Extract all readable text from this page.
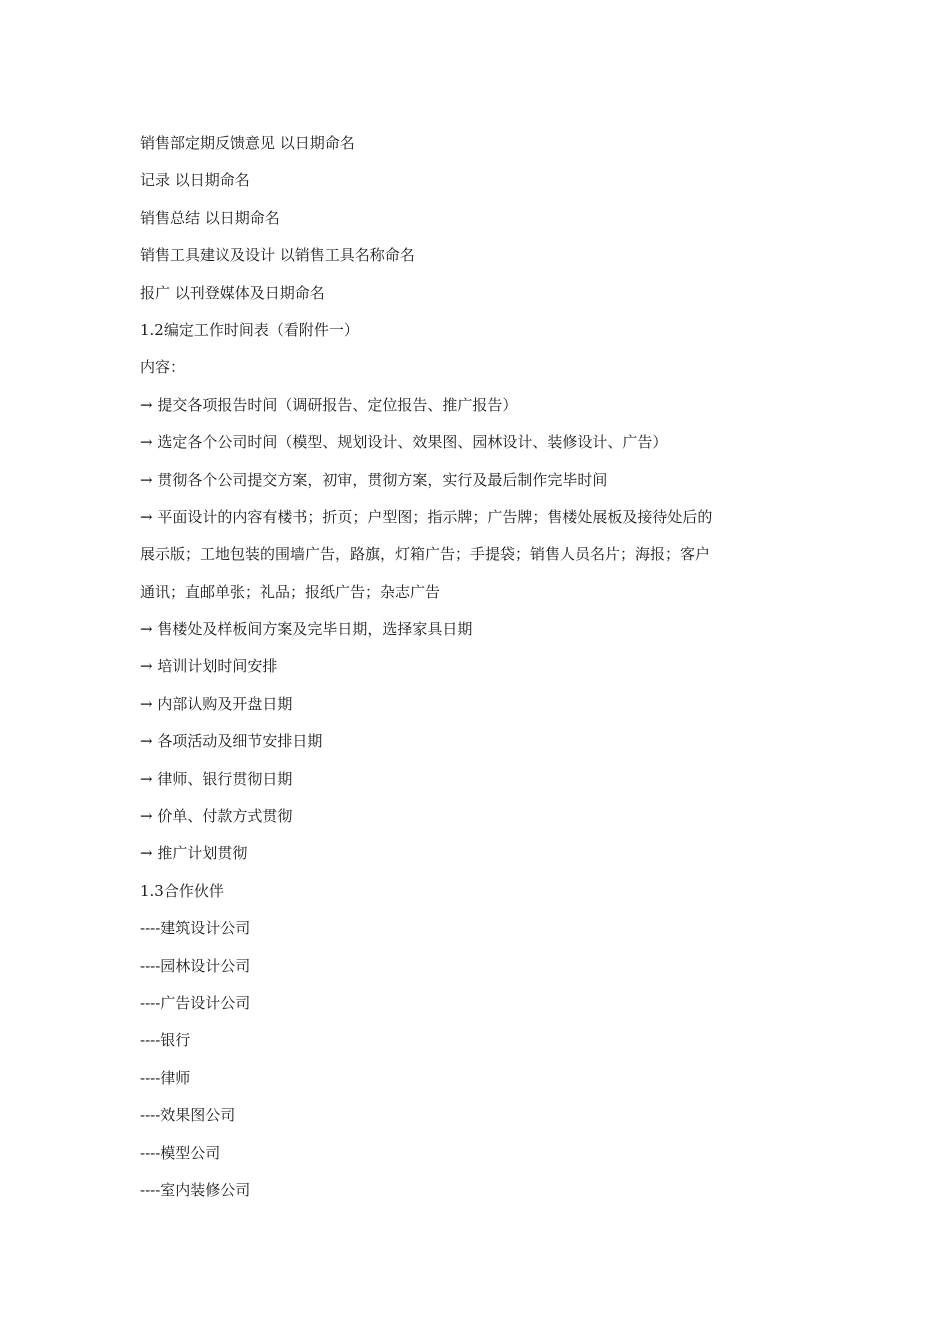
销售部定期反馈意见 以日期命名
记录 以日期命名
销售总结 以日期命名
销售工具建议及设计 以销售工具名称命名
报广 以刊登媒体及日期命名
1.2编定工作时间表（看附件一）
内容：
→ 提交各项报告时间（调研报告、定位报告、推广报告）
→ 选定各个公司时间（模型、规划设计、效果图、园林设计、装修设计、广告）
→ 贯彻各个公司提交方案，初审，贯彻方案，实行及最后制作完毕时间
→ 平面设计的内容有楼书；折页；户型图；指示牌；广告牌；售楼处展板及接待处后的
展示版；工地包装的围墙广告，路旗，灯箱广告；手提袋；销售人员名片；海报；客户
通讯；直邮单张；礼品；报纸广告；杂志广告
→ 售楼处及样板间方案及完毕日期，选择家具日期
→ 培训计划时间安排
→ 内部认购及开盘日期
→ 各项活动及细节安排日期
→ 律师、银行贯彻日期
→ 价单、付款方式贯彻
→ 推广计划贯彻
1.3合作伙伴
----建筑设计公司
----园林设计公司
----广告设计公司
----银行
----律师
----效果图公司
----模型公司
----室内装修公司
